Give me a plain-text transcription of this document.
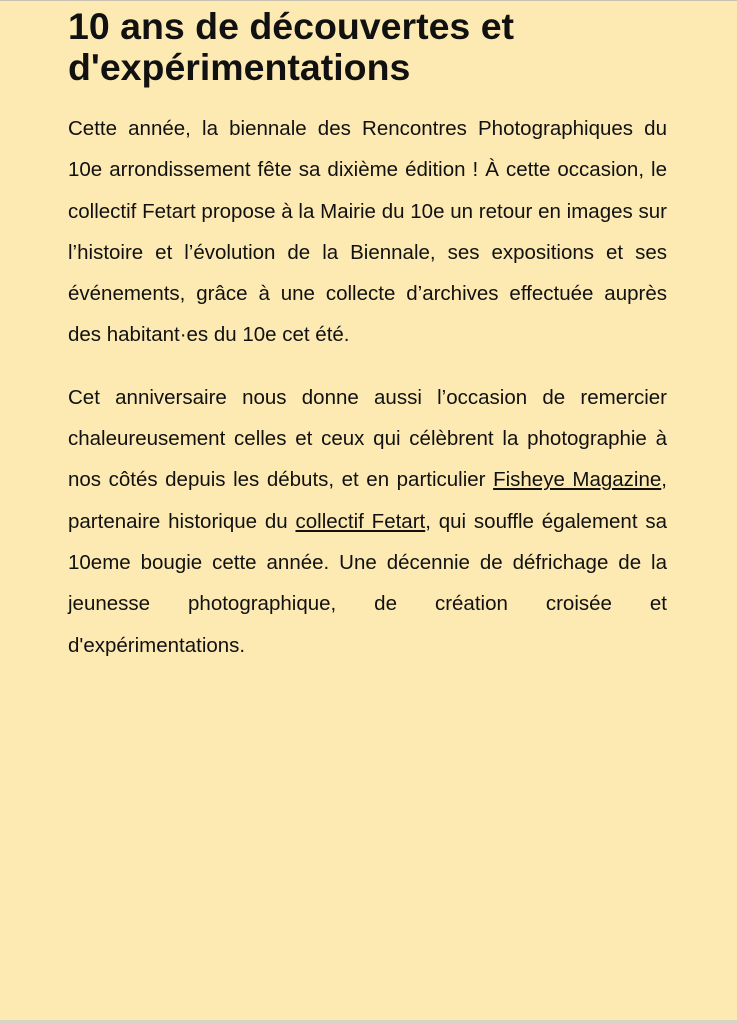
10 ans de découvertes et d'expérimentations

Cette année, la biennale des Rencontres Photographiques du 10e arrondissement fête sa dixième édition ! À cette occasion, le collectif Fetart propose à la Mairie du 10e un retour en images sur l’histoire et l’évolution de la Biennale, ses expositions et ses événements, grâce à une collecte d’archives effectuée auprès des habitant·es du 10e cet été.

Cet anniversaire nous donne aussi l’occasion de remercier chaleureusement celles et ceux qui célèbrent la photographie à nos côtés depuis les débuts, et en particulier Fisheye Magazine, partenaire historique du collectif Fetart, qui souffle également sa 10eme bougie cette année. Une décennie de défrichage de la jeunesse photographique, de création croisée et d'expérimentations.
